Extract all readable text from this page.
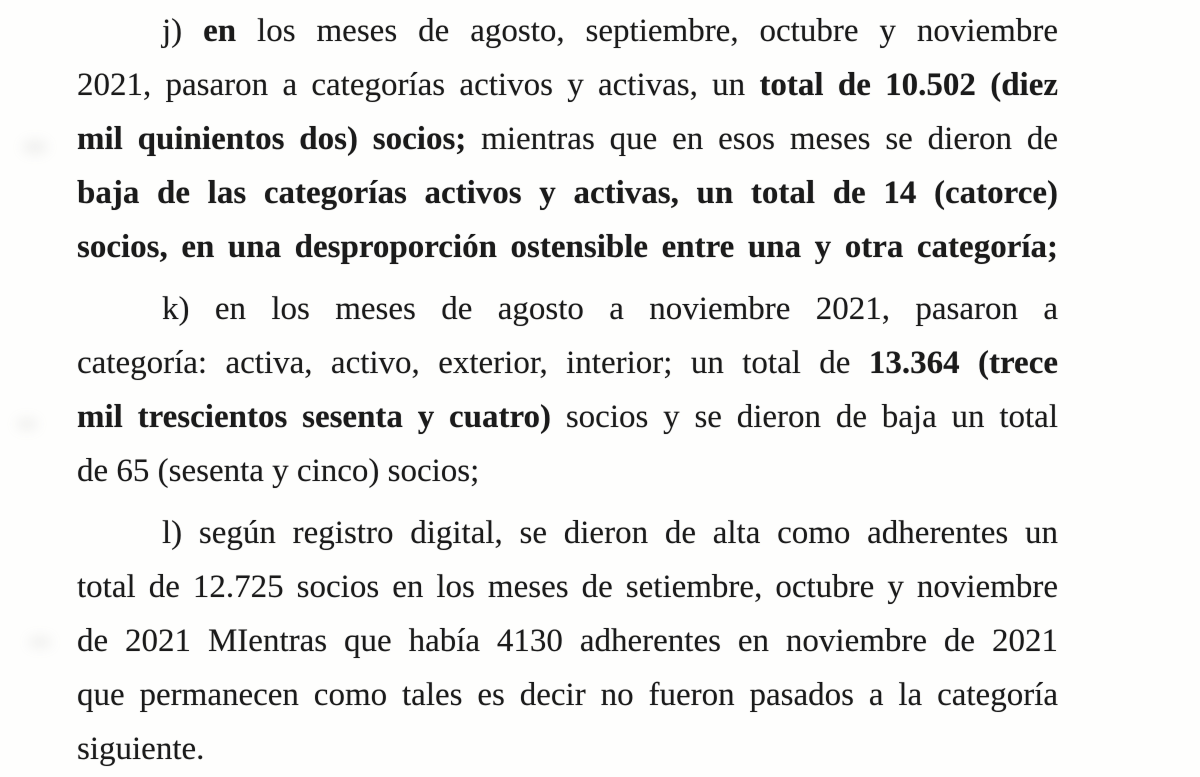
j) en los meses de agosto, septiembre, octubre y noviembre
2021, pasaron a categorías activos y activas, un total de 10.502 (diez
mil quinientos dos) socios; mientras que en esos meses se dieron de
baja de las categorías activos y activas, un total de 14 (catorce)
socios, en una desproporción ostensible entre una y otra categoría;
k) en los meses de agosto a noviembre 2021, pasaron a
categoría: activa, activo, exterior, interior; un total de 13.364 (trece
mil trescientos sesenta y cuatro) socios y se dieron de baja un total
de 65 (sesenta y cinco) socios;
l) según registro digital, se dieron de alta como adherentes un
total de 12.725 socios en los meses de setiembre, octubre y noviembre
de 2021 MIentras que había 4130 adherentes en noviembre de 2021
que permanecen como tales es decir no fueron pasados a la categoría
siguiente.
